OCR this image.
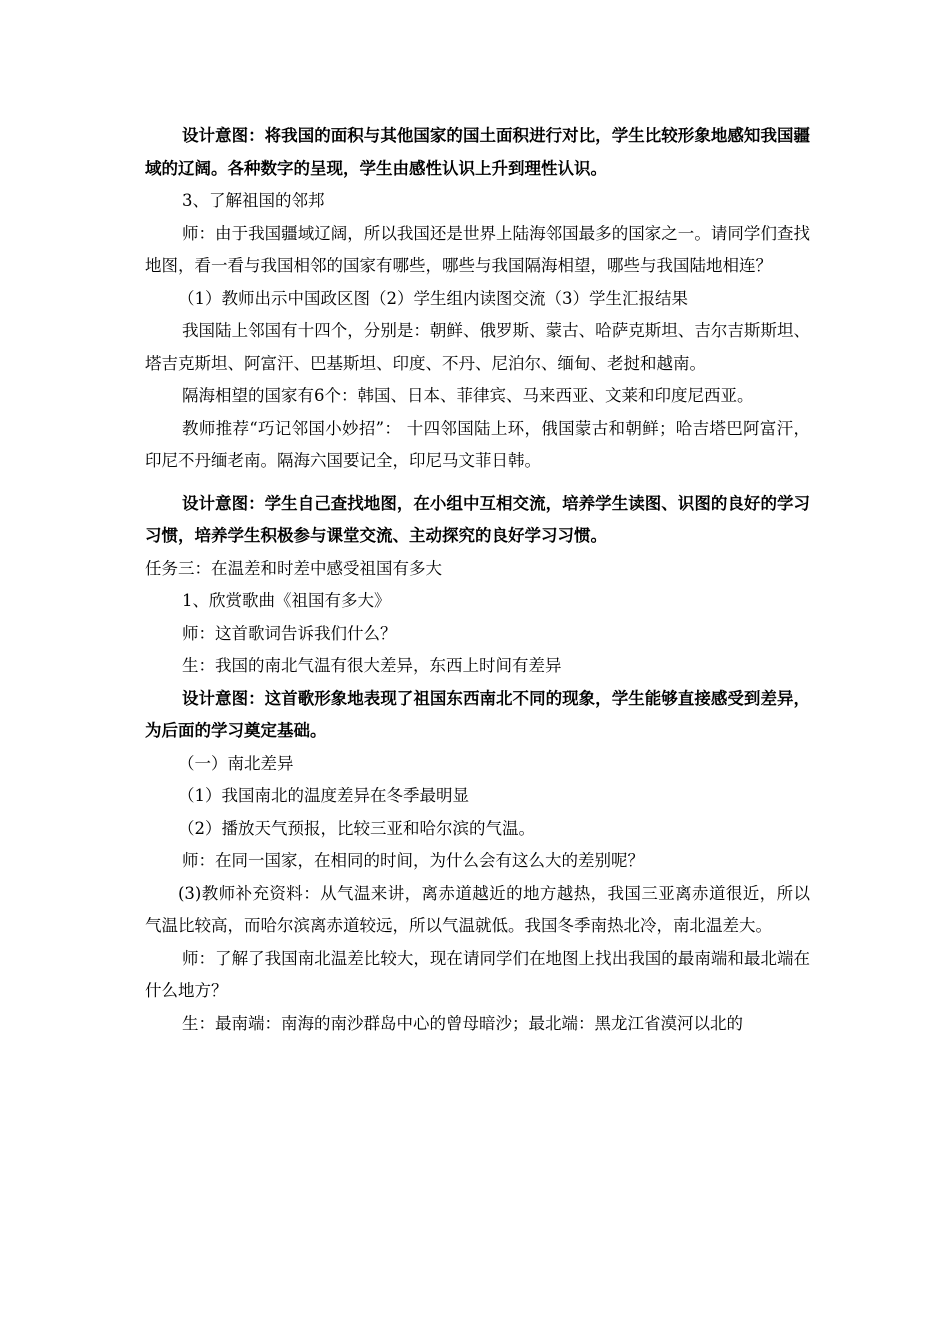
设计意图：将我国的面积与其他国家的国土面积进行对比，学生比较形象地感知我国疆域的辽阔。各种数字的呈现，学生由感性认识上升到理性认识。

3、了解祖国的邻邦

师：由于我国疆域辽阔，所以我国还是世界上陆海邻国最多的国家之一。请同学们查找地图，看一看与我国相邻的国家有哪些，哪些与我国隔海相望，哪些与我国陆地相连？

（1）教师出示中国政区图（2）学生组内读图交流（3）学生汇报结果

我国陆上邻国有十四个，分别是：朝鲜、俄罗斯、蒙古、哈萨克斯坦、吉尔吉斯斯坦、塔吉克斯坦、阿富汗、巴基斯坦、印度、不丹、尼泊尔、缅甸、老挝和越南。

隔海相望的国家有6个：韩国、日本、菲律宾、马来西亚、文莱和印度尼西亚。

教师推荐“巧记邻国小妙招”： 十四邻国陆上环，俄国蒙古和朝鲜；哈吉塔巴阿富汗，印尼不丹缅老南。隔海六国要记全，印尼马文菲日韩。

设计意图：学生自己查找地图，在小组中互相交流，培养学生读图、识图的良好的学习习惯，培养学生积极参与课堂交流、主动探究的良好学习习惯。

任务三：在温差和时差中感受祖国有多大

1、欣赏歌曲《祖国有多大》

师：这首歌词告诉我们什么？

生：我国的南北气温有很大差异，东西上时间有差异

设计意图：这首歌形象地表现了祖国东西南北不同的现象，学生能够直接感受到差异，为后面的学习奠定基础。

（一）南北差异

（1）我国南北的温度差异在冬季最明显

（2）播放天气预报，比较三亚和哈尔滨的气温。

师：在同一国家，在相同的时间，为什么会有这么大的差别呢？

(3)教师补充资料：从气温来讲，离赤道越近的地方越热，我国三亚离赤道很近，所以气温比较高，而哈尔滨离赤道较远，所以气温就低。我国冬季南热北冷，南北温差大。

师：了解了我国南北温差比较大，现在请同学们在地图上找出我国的最南端和最北端在什么地方？

生：最南端：南海的南沙群岛中心的曾母暗沙；最北端：黑龙江省漠河以北的
